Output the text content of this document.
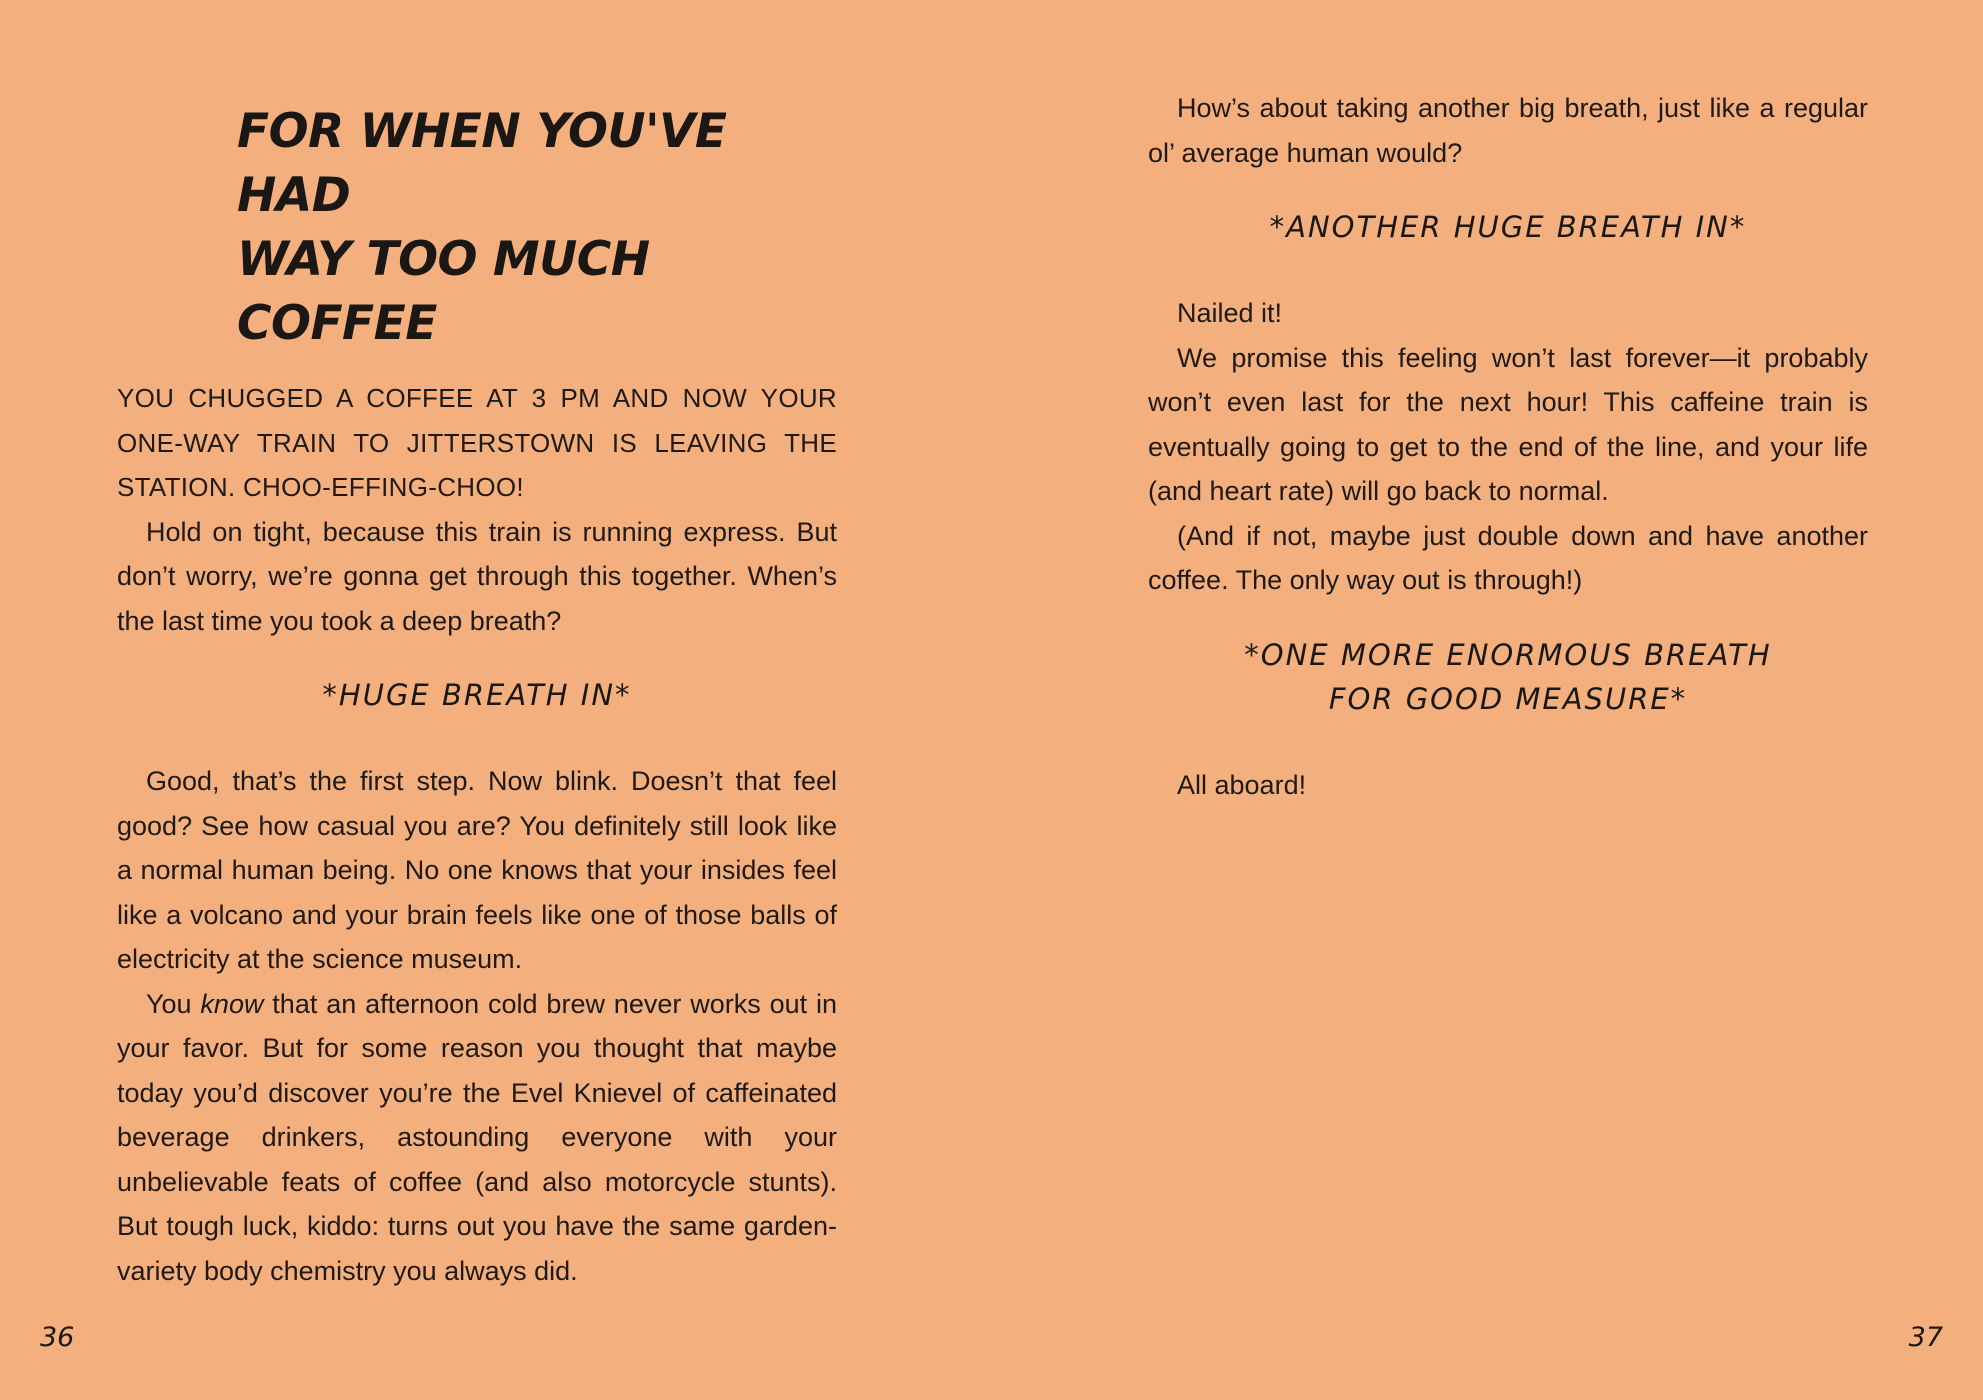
FOR WHEN YOU'VE HAD
WAY TOO MUCH COFFEE

YOU CHUGGED A COFFEE AT 3 PM AND NOW YOUR ONE-WAY TRAIN TO JITTERSTOWN IS LEAVING THE STATION. CHOO-EFFING-CHOO!

Hold on tight, because this train is running express. But don’t worry, we’re gonna get through this together. When’s the last time you took a deep breath?

*HUGE BREATH IN*

Good, that’s the first step. Now blink. Doesn’t that feel good? See how casual you are? You definitely still look like a normal human being. No one knows that your insides feel like a volcano and your brain feels like one of those balls of electricity at the science museum.

You know that an afternoon cold brew never works out in your favor. But for some reason you thought that maybe today you’d discover you’re the Evel Knievel of caffeinated beverage drinkers, astounding everyone with your unbelievable feats of coffee (and also motorcycle stunts). But tough luck, kiddo: turns out you have the same garden-variety body chemistry you always did.

36

How’s about taking another big breath, just like a regular ol’ average human would?

*ANOTHER HUGE BREATH IN*

Nailed it!

We promise this feeling won’t last forever—it probably won’t even last for the next hour! This caffeine train is eventually going to get to the end of the line, and your life (and heart rate) will go back to normal.

(And if not, maybe just double down and have another coffee. The only way out is through!)

*ONE MORE ENORMOUS BREATH
FOR GOOD MEASURE*

All aboard!

37
